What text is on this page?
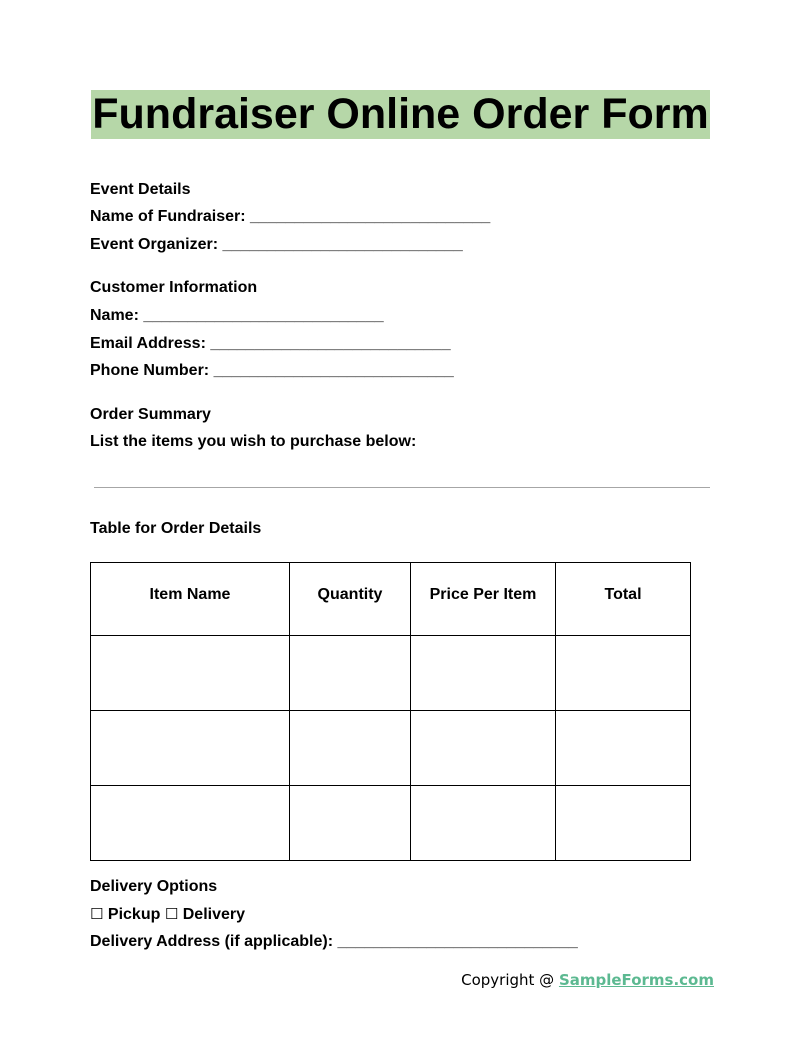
Fundraiser Online Order Form
Event Details
Name of Fundraiser: ___________________________
Event Organizer: ___________________________
Customer Information
Name: ___________________________
Email Address: ___________________________
Phone Number: ___________________________
Order Summary
List the items you wish to purchase below:
Table for Order Details
Item Name	Quantity	Price Per Item	Total

Delivery Options
☐ Pickup ☐ Delivery
Delivery Address (if applicable): ___________________________
Copyright @ SampleForms.com
